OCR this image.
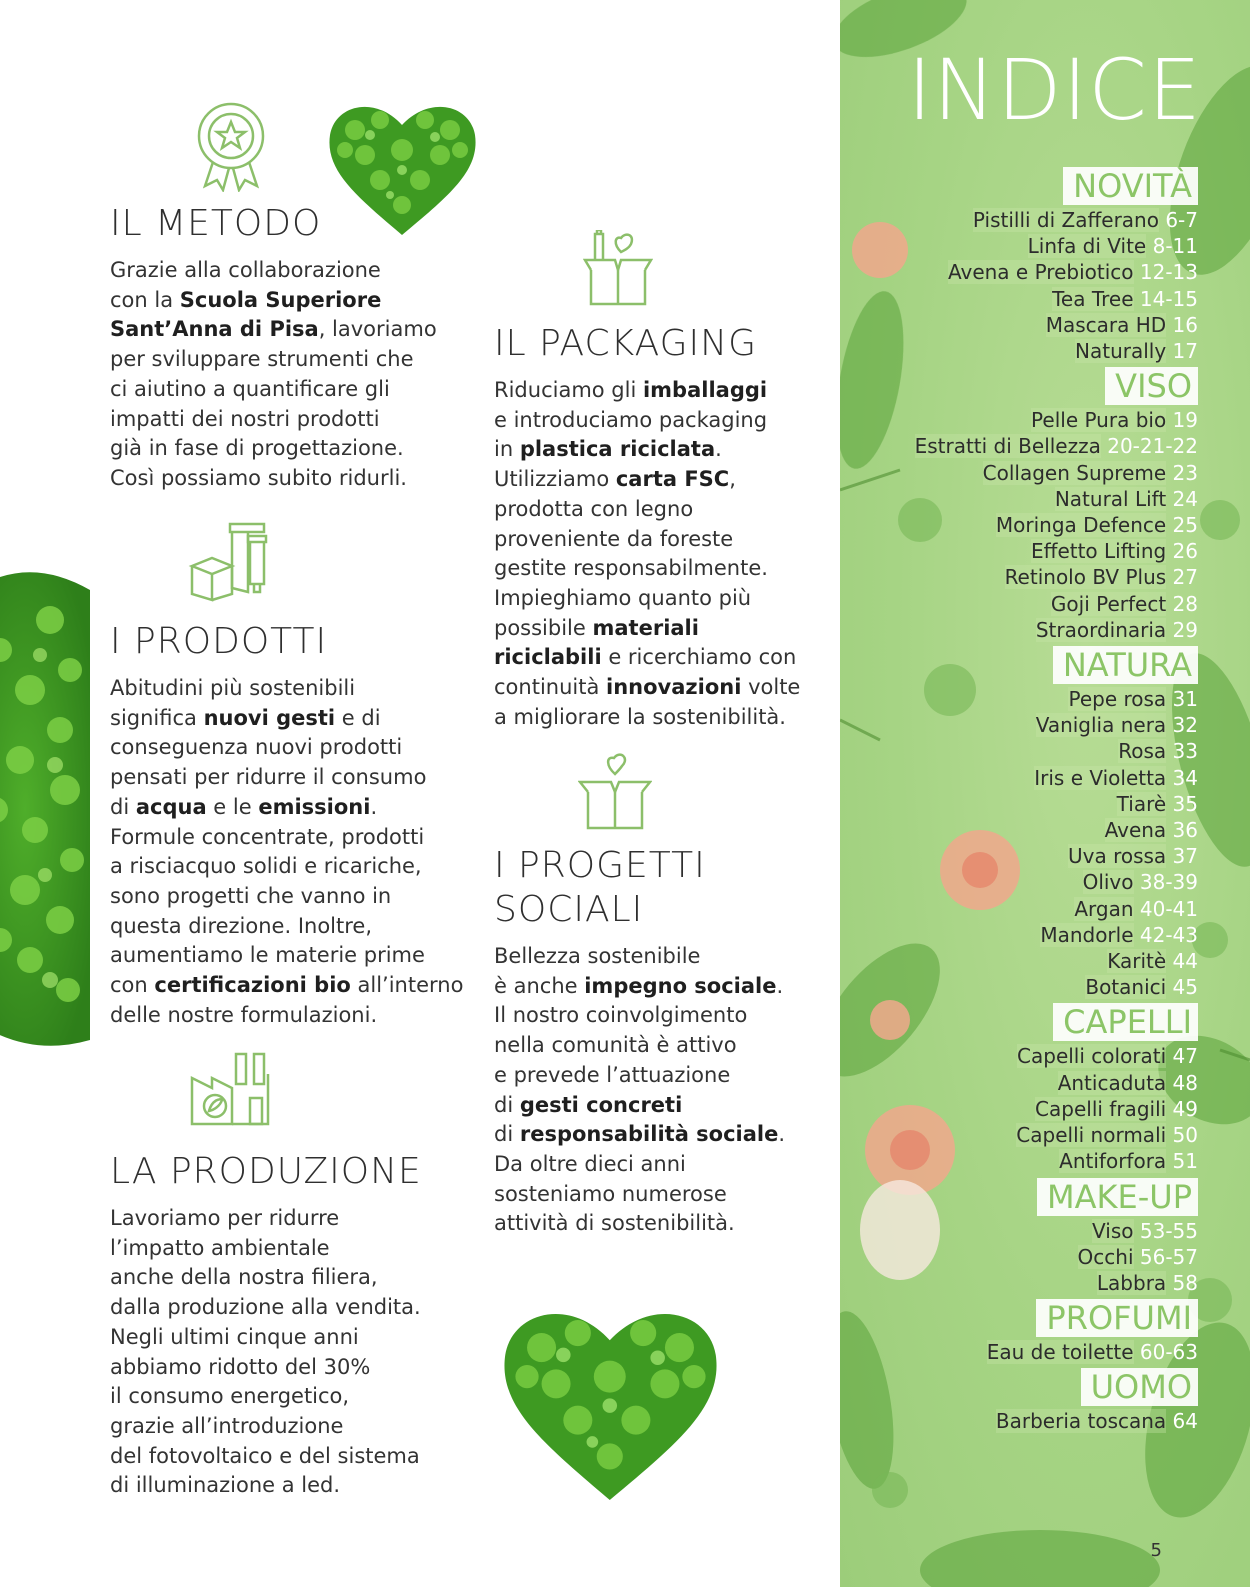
IL METODO
Grazie alla collaborazione
con la Scuola Superiore
Sant’Anna di Pisa, lavoriamo
per sviluppare strumenti che
ci aiutino a quantificare gli
impatti dei nostri prodotti
già in fase di progettazione.
Così possiamo subito ridurli.
I PRODOTTI
Abitudini più sostenibili
significa nuovi gesti e di
conseguenza nuovi prodotti
pensati per ridurre il consumo
di acqua e le emissioni.
Formule concentrate, prodotti
a risciacquo solidi e ricariche,
sono progetti che vanno in
questa direzione. Inoltre,
aumentiamo le materie prime
con certificazioni bio all’interno
delle nostre formulazioni.
LA PRODUZIONE
Lavoriamo per ridurre
l’impatto ambientale
anche della nostra filiera,
dalla produzione alla vendita.
Negli ultimi cinque anni
abbiamo ridotto del 30%
il consumo energetico,
grazie all’introduzione
del fotovoltaico e del sistema
di illuminazione a led.
IL PACKAGING
Riduciamo gli imballaggi
e introduciamo packaging
in plastica riciclata.
Utilizziamo carta FSC,
prodotta con legno
proveniente da foreste
gestite responsabilmente.
Impieghiamo quanto più
possibile materiali
riciclabili e ricerchiamo con
continuità innovazioni volte
a migliorare la sostenibilità.
I PROGETTI
SOCIALI
Bellezza sostenibile
è anche impegno sociale.
Il nostro coinvolgimento
nella comunità è attivo
e prevede l’attuazione
di gesti concreti
di responsabilità sociale.
Da oltre dieci anni
sosteniamo numerose
attività di sostenibilità.
INDICE
NOVITÀ
Pistilli di Zafferano 6-7
Linfa di Vite 8-11
Avena e Prebiotico 12-13
Tea Tree 14-15
Mascara HD 16
Naturally 17
VISO
Pelle Pura bio 19
Estratti di Bellezza 20-21-22
Collagen Supreme 23
Natural Lift 24
Moringa Defence 25
Effetto Lifting 26
Retinolo BV Plus 27
Goji Perfect 28
Straordinaria 29
NATURA
Pepe rosa 31
Vaniglia nera 32
Rosa 33
Iris e Violetta 34
Tiarè 35
Avena 36
Uva rossa 37
Olivo 38-39
Argan 40-41
Mandorle 42-43
Karitè 44
Botanici 45
CAPELLI
Capelli colorati 47
Anticaduta 48
Capelli fragili 49
Capelli normali 50
Antiforfora 51
MAKE-UP
Viso 53-55
Occhi 56-57
Labbra 58
PROFUMI
Eau de toilette 60-63
UOMO
Barberia toscana 64
5
